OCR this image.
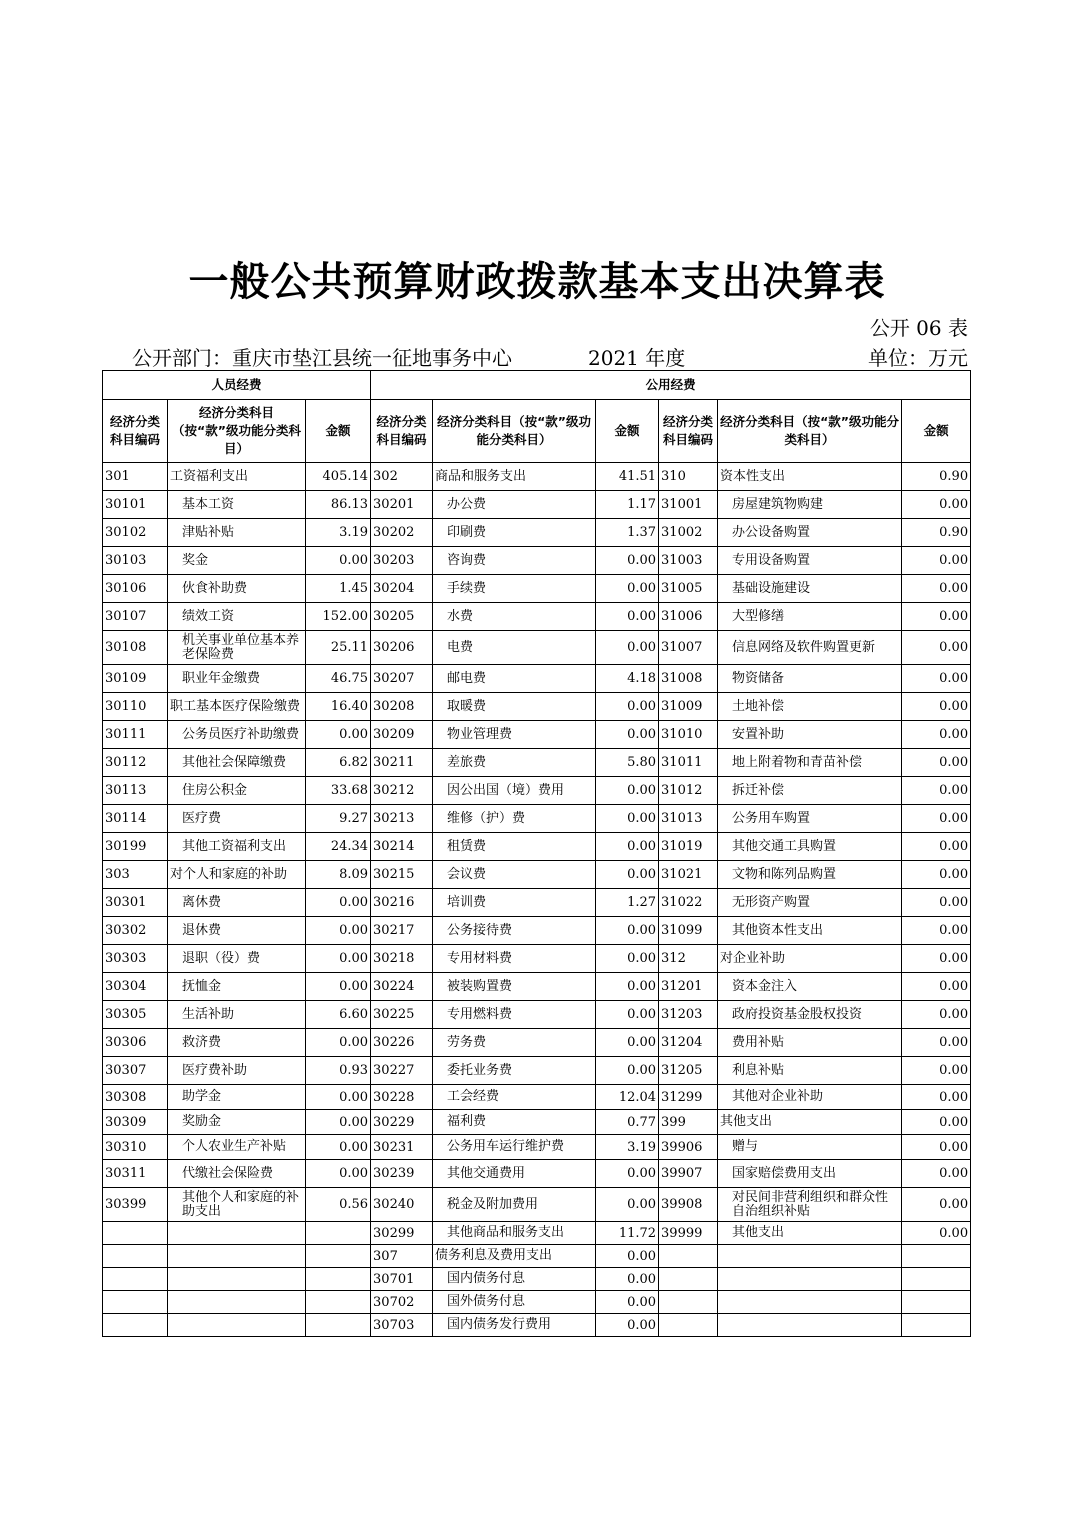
一般公共预算财政拨款基本支出决算表
公开 06 表
公开部门：重庆市垫江县统一征地事务中心	2021 年度	单位：万元
人员经费			公用经费					
经济分类科目编码	经济分类科目（按“款”级功能分类科目）	金额	经济分类科目编码	经济分类科目（按“款”级功能分类科目）	金额	经济分类科目编码	经济分类科目（按“款”级功能分类科目）	金额
301	工资福利支出	405.14	302	商品和服务支出	41.51	310	资本性支出	0.90
30101	基本工资	86.13	30201	办公费	1.17	31001	房屋建筑物购建	0.00
30102	津贴补贴	3.19	30202	印刷费	1.37	31002	办公设备购置	0.90
30103	奖金	0.00	30203	咨询费	0.00	31003	专用设备购置	0.00
30106	伙食补助费	1.45	30204	手续费	0.00	31005	基础设施建设	0.00
30107	绩效工资	152.00	30205	水费	0.00	31006	大型修缮	0.00
30108	机关事业单位基本养老保险费	25.11	30206	电费	0.00	31007	信息网络及软件购置更新	0.00
30109	职业年金缴费	46.75	30207	邮电费	4.18	31008	物资储备	0.00
30110	职工基本医疗保险缴费	16.40	30208	取暖费	0.00	31009	土地补偿	0.00
30111	公务员医疗补助缴费	0.00	30209	物业管理费	0.00	31010	安置补助	0.00
30112	其他社会保障缴费	6.82	30211	差旅费	5.80	31011	地上附着物和青苗补偿	0.00
30113	住房公积金	33.68	30212	因公出国（境）费用	0.00	31012	拆迁补偿	0.00
30114	医疗费	9.27	30213	维修（护）费	0.00	31013	公务用车购置	0.00
30199	其他工资福利支出	24.34	30214	租赁费	0.00	31019	其他交通工具购置	0.00
303	对个人和家庭的补助	8.09	30215	会议费	0.00	31021	文物和陈列品购置	0.00
30301	离休费	0.00	30216	培训费	1.27	31022	无形资产购置	0.00
30302	退休费	0.00	30217	公务接待费	0.00	31099	其他资本性支出	0.00
30303	退职（役）费	0.00	30218	专用材料费	0.00	312	对企业补助	0.00
30304	抚恤金	0.00	30224	被装购置费	0.00	31201	资本金注入	0.00
30305	生活补助	6.60	30225	专用燃料费	0.00	31203	政府投资基金股权投资	0.00
30306	救济费	0.00	30226	劳务费	0.00	31204	费用补贴	0.00
30307	医疗费补助	0.93	30227	委托业务费	0.00	31205	利息补贴	0.00
30308	助学金	0.00	30228	工会经费	12.04	31299	其他对企业补助	0.00
30309	奖励金	0.00	30229	福利费	0.77	399	其他支出	0.00
30310	个人农业生产补贴	0.00	30231	公务用车运行维护费	3.19	39906	赠与	0.00
30311	代缴社会保险费	0.00	30239	其他交通费用	0.00	39907	国家赔偿费用支出	0.00
30399	其他个人和家庭的补助支出	0.56	30240	税金及附加费用	0.00	39908	对民间非营利组织和群众性自治组织补贴	0.00
			30299	其他商品和服务支出	11.72	39999	其他支出	0.00
			307	债务利息及费用支出	0.00			
			30701	国内债务付息	0.00			
			30702	国外债务付息	0.00			
			30703	国内债务发行费用	0.00			
